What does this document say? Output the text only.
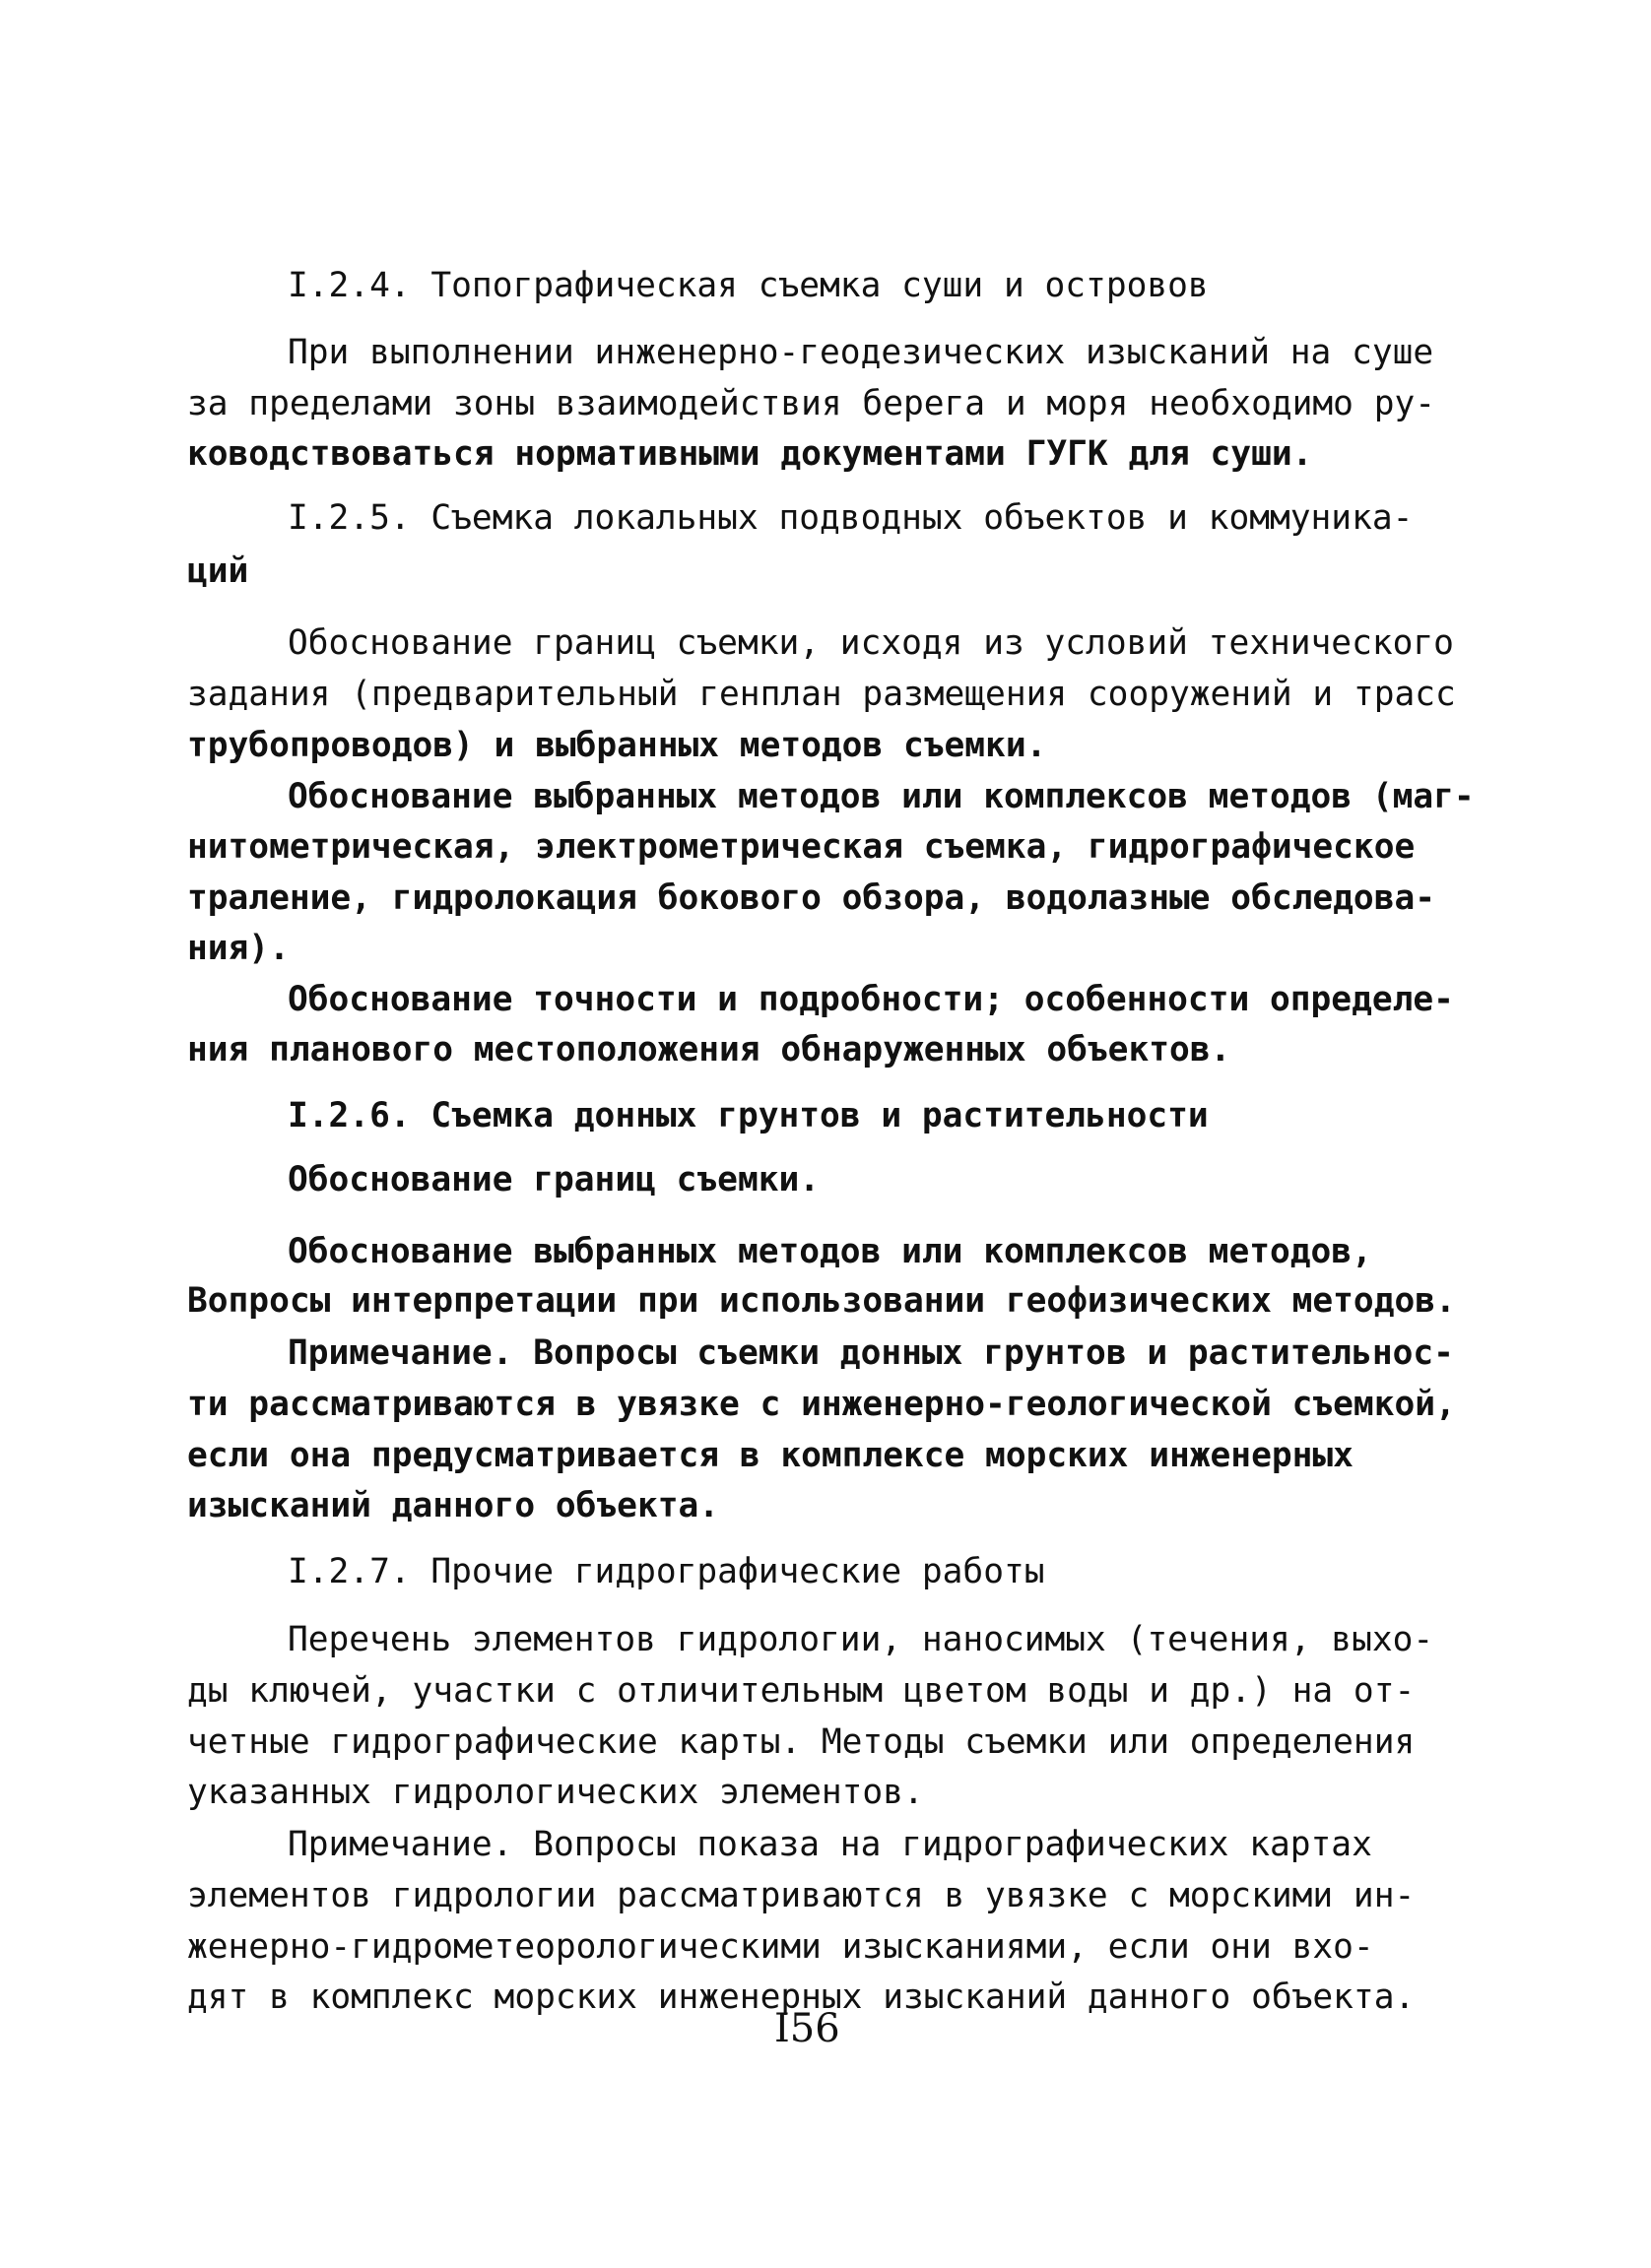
I.2.4. Топографическая съемка суши и островов

При выполнении инженерно-геодезических изысканий на суше

за пределами зоны взаимодействия берега и моря необходимо ру-

ководствоваться нормативными документами ГУГК для суши.

I.2.5. Съемка локальных подводных объектов и коммуника-

ций

Обоснование границ съемки, исходя из условий технического

задания (предварительный генплан размещения сооружений и трасс

трубопроводов) и выбранных методов съемки.

Обоснование выбранных методов или комплексов методов (маг-

нитометрическая, электрометрическая съемка, гидрографическое

траление, гидролокация бокового обзора, водолазные обследова-

ния).

Обоснование точности и подробности; особенности определе-

ния планового местоположения обнаруженных объектов.

I.2.6. Съемка донных грунтов и растительности

Обоснование границ съемки.

Обоснование выбранных методов или комплексов методов,

Вопросы интерпретации при использовании геофизических методов.

Примечание. Вопросы съемки донных грунтов и растительнос-

ти рассматриваются в увязке с инженерно-геологической съемкой,

если она предусматривается в комплексе морских инженерных

изысканий данного объекта.

I.2.7. Прочие гидрографические работы

Перечень элементов гидрологии, наносимых (течения, выхо-

ды ключей, участки с отличительным цветом воды и др.) на от-

четные гидрографические карты. Методы съемки или определения

указанных гидрологических элементов.

Примечание. Вопросы показа на гидрографических картах

элементов гидрологии рассматриваются в увязке с морскими ин-

женерно-гидрометеорологическими изысканиями, если они вхо-

дят в комплекс морских инженерных изысканий данного объекта.

I56
